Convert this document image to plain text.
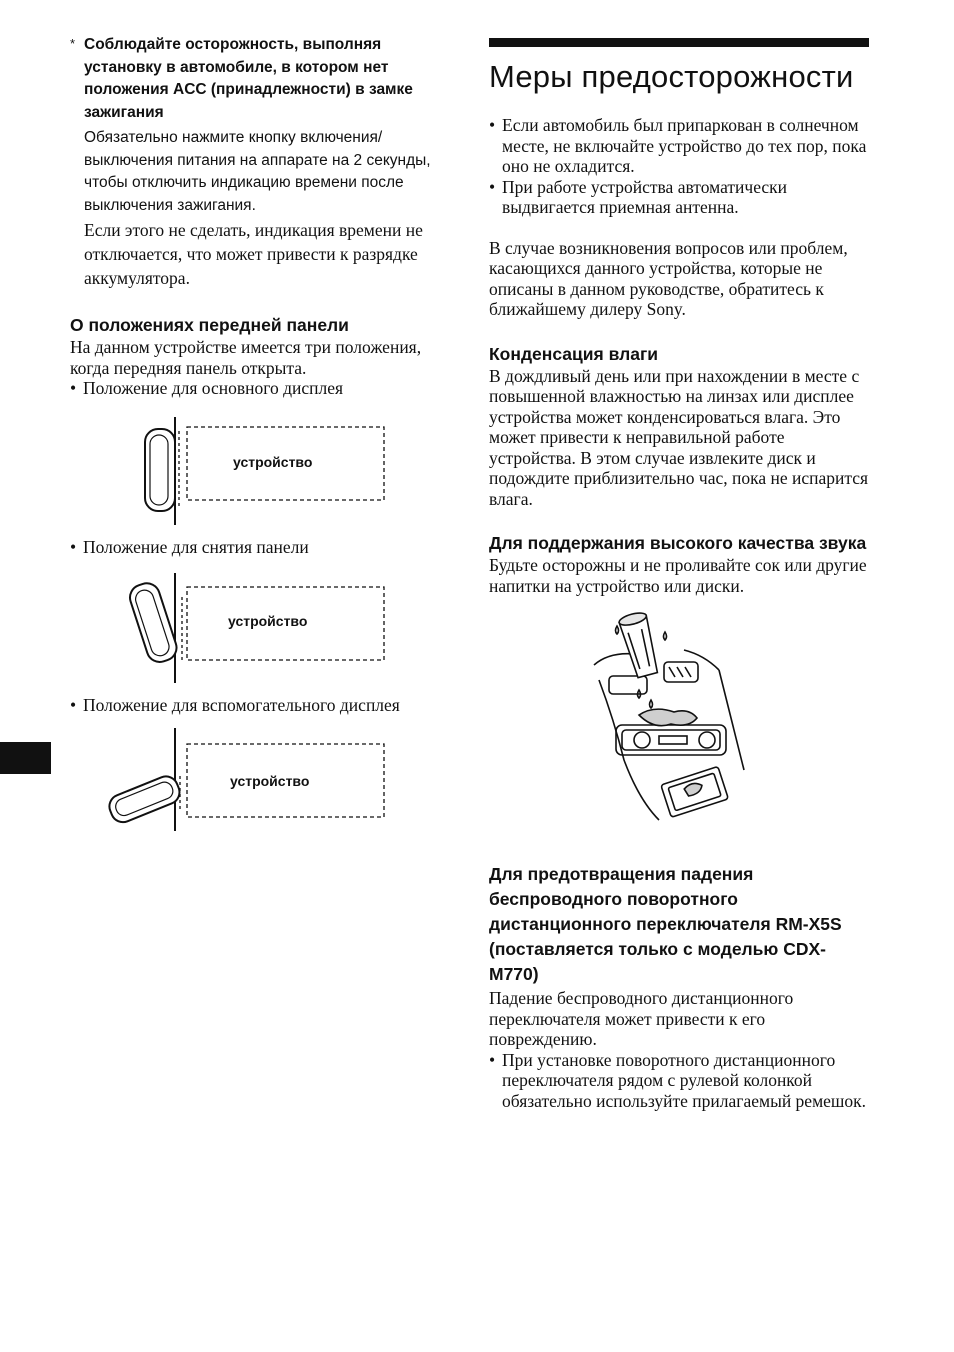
* Соблюдайте осторожность, выполняя установку в автомобиле, в котором нет положения ACC (принадлежности) в замке зажигания
Обязательно нажмите кнопку включения/выключения питания на аппарате на 2 секунды, чтобы отключить индикацию времени после выключения зажигания.
Если этого не сделать, индикация времени не отключается, что может привести к разрядке аккумулятора.
О положениях передней панели

На данном устройстве имеется три положения, когда передняя панель открыта.

• Положение для основного дисплея

устройство

• Положение для снятия панели

устройство

• Положение для вспомогательного дисплея

устройство
Меры предосторожности

• Если автомобиль был припаркован в солнечном месте, не включайте устройство до тех пор, пока оно не охладится.

• При работе устройства автоматически выдвигается приемная антенна.

В случае возникновения вопросов или проблем, касающихся данного устройства, которые не описаны в данном руководстве, обратитесь к ближайшему дилеру Sony.

Конденсация влаги

В дождливый день или при нахождении в месте с повышенной влажностью на линзах или дисплее устройства может конденсироваться влага. Это может привести к неправильной работе устройства. В этом случае извлеките диск и подождите приблизительно час, пока не испарится влага.

Для поддержания высокого качества звука

Будьте осторожны и не проливайте сок или другие напитки на устройство или диски.

Для предотвращения падения беспроводного поворотного дистанционного переключателя RM-X5S (поставляется только с моделью CDX-M770)

Падение беспроводного дистанционного переключателя может привести к его повреждению.

• При установке поворотного дистанционного переключателя рядом с рулевой колонкой обязательно используйте прилагаемый ремешок.
